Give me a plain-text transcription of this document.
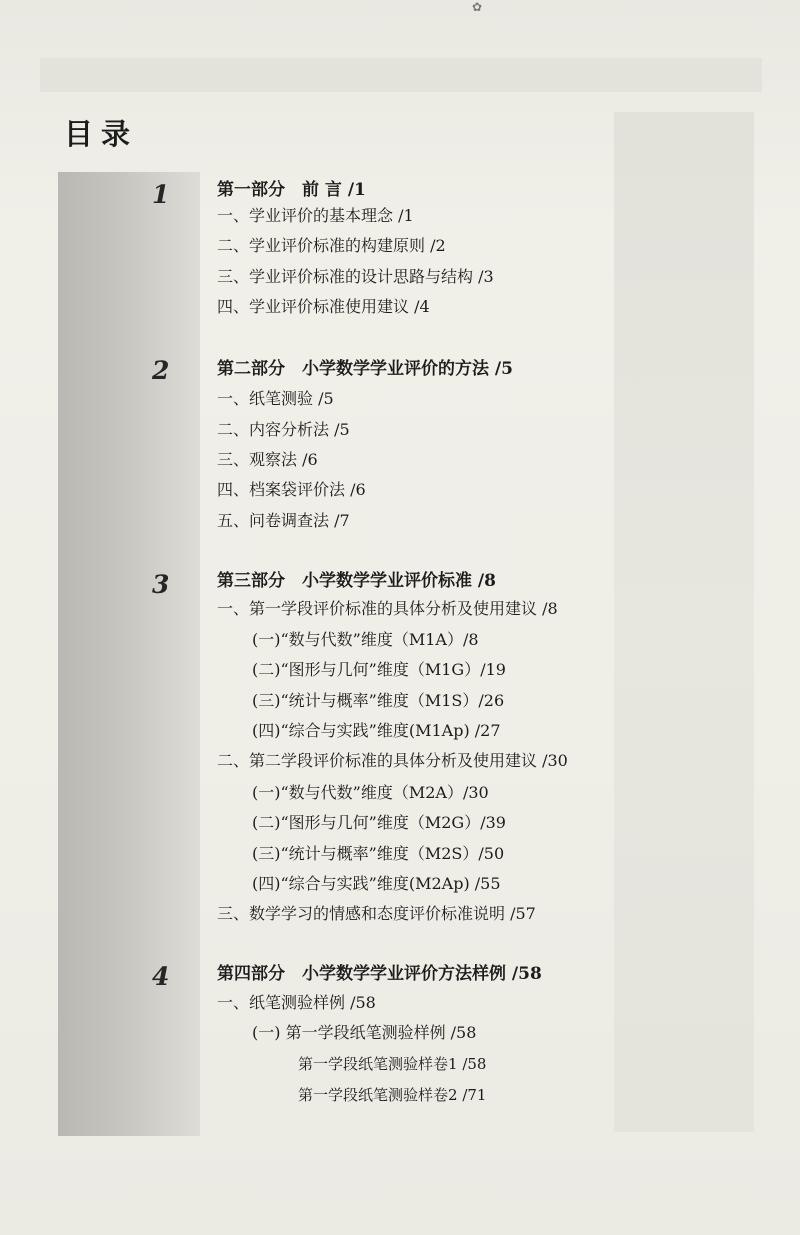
✿
目录
1	第一部分　前 言 /1
一、学业评价的基本理念 /1
二、学业评价标准的构建原则 /2
三、学业评价标准的设计思路与结构 /3
四、学业评价标准使用建议 /4
2	第二部分　小学数学学业评价的方法 /5
一、纸笔测验 /5
二、内容分析法 /5
三、观察法 /6
四、档案袋评价法 /6
五、问卷调查法 /7
3	第三部分　小学数学学业评价标准 /8
一、第一学段评价标准的具体分析及使用建议 /8
(一)“数与代数”维度（M1A）/8
(二)“图形与几何”维度（M1G）/19
(三)“统计与概率”维度（M1S）/26
(四)“综合与实践”维度(M1Ap) /27
二、第二学段评价标准的具体分析及使用建议 /30
(一)“数与代数”维度（M2A）/30
(二)“图形与几何”维度（M2G）/39
(三)“统计与概率”维度（M2S）/50
(四)“综合与实践”维度(M2Ap) /55
三、数学学习的情感和态度评价标准说明 /57
4	第四部分　小学数学学业评价方法样例 /58
一、纸笔测验样例 /58
(一) 第一学段纸笔测验样例 /58
第一学段纸笔测验样卷1 /58
第一学段纸笔测验样卷2 /71
